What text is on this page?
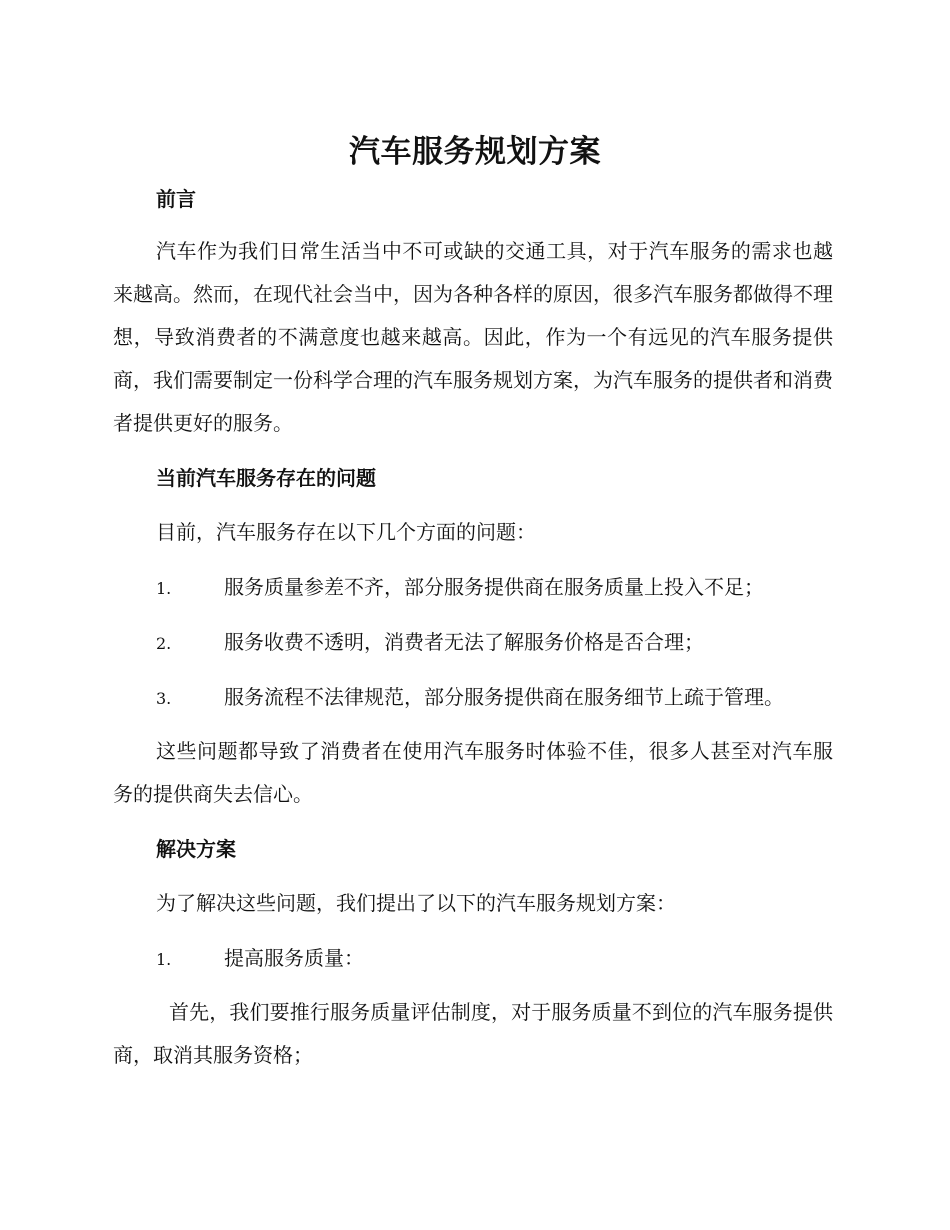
汽车服务规划方案
前言

汽车作为我们日常生活当中不可或缺的交通工具，对于汽车服务的需求也越来越高。然而，在现代社会当中，因为各种各样的原因，很多汽车服务都做得不理想，导致消费者的不满意度也越来越高。因此，作为一个有远见的汽车服务提供商，我们需要制定一份科学合理的汽车服务规划方案，为汽车服务的提供者和消费者提供更好的服务。

当前汽车服务存在的问题

目前，汽车服务存在以下几个方面的问题：

1.	服务质量参差不齐，部分服务提供商在服务质量上投入不足；
2.	服务收费不透明，消费者无法了解服务价格是否合理；
3.	服务流程不法律规范，部分服务提供商在服务细节上疏于管理。

这些问题都导致了消费者在使用汽车服务时体验不佳，很多人甚至对汽车服务的提供商失去信心。

解决方案

为了解决这些问题，我们提出了以下的汽车服务规划方案：

1.	提高服务质量：

首先，我们要推行服务质量评估制度，对于服务质量不到位的汽车服务提供商，取消其服务资格；
